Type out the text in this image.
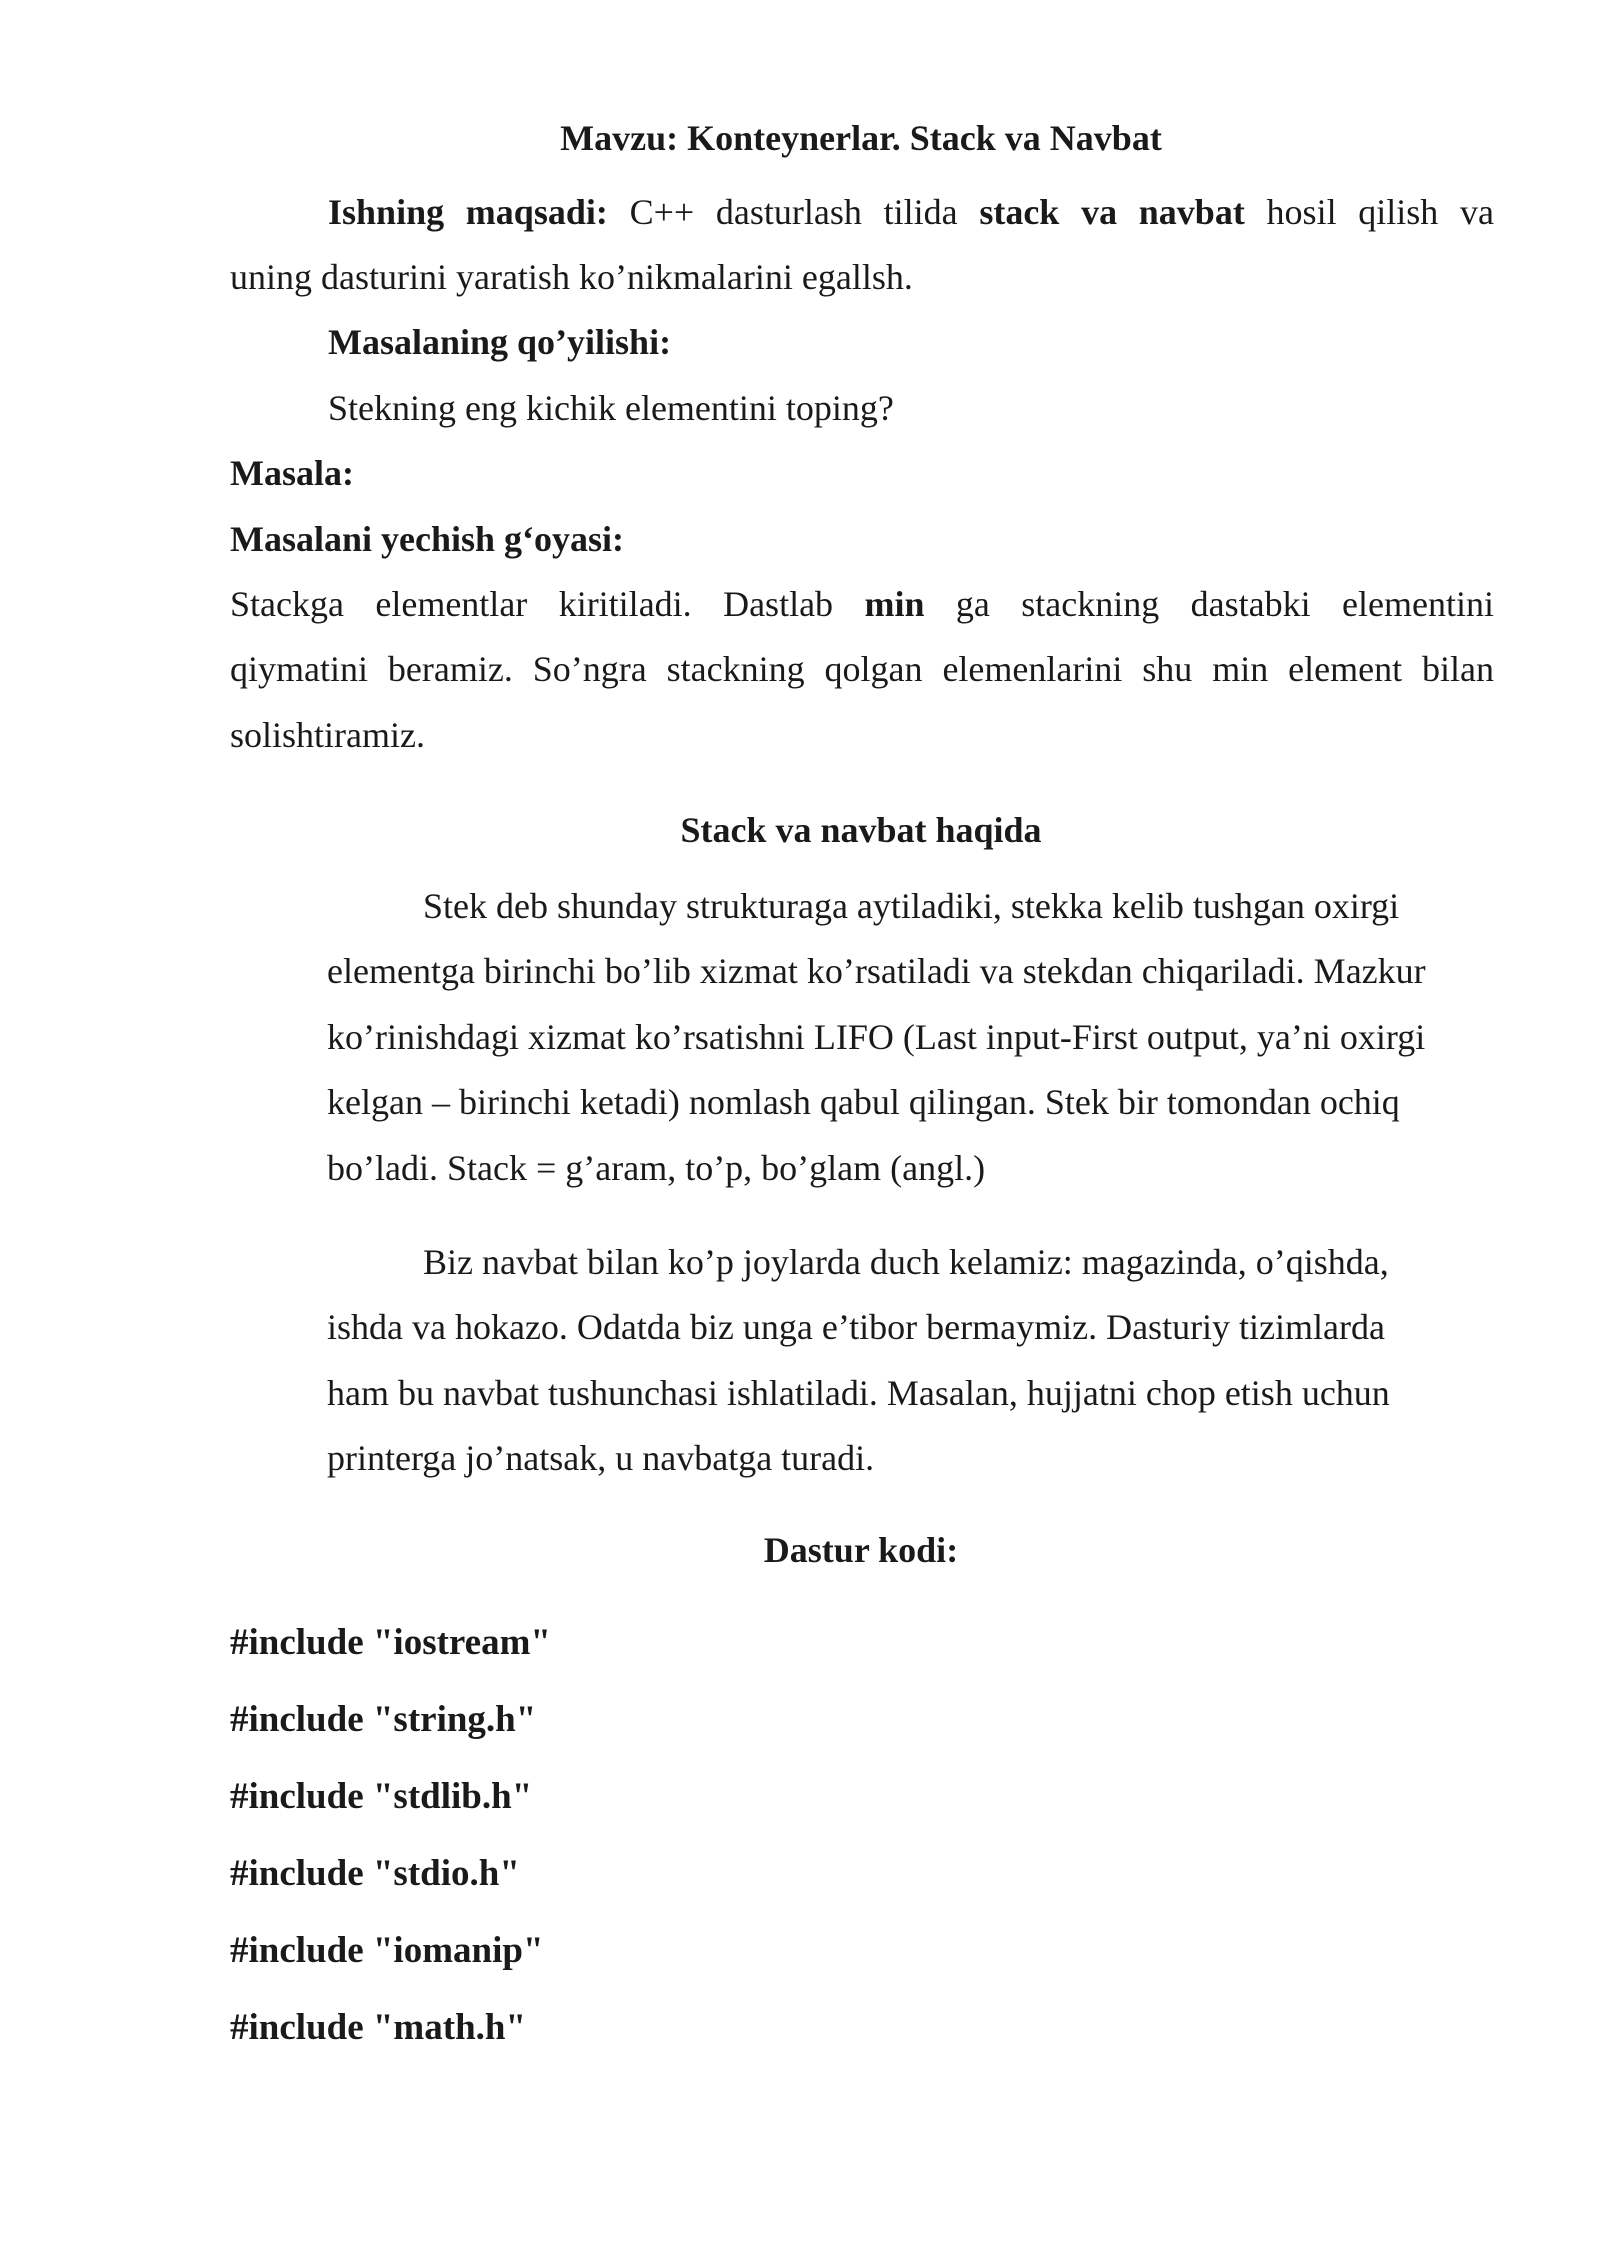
Mavzu: Konteynerlar. Stack va Navbat
Ishning maqsadi: C++ dasturlash tilida stack va navbat hosil qilish va
uning dasturini yaratish ko’nikmalarini egallsh.
Masalaning qo’yilishi:
Stekning eng kichik elementini toping?
Masala:
Masalani yechish g‘oyasi:
Stackga elementlar kiritiladi. Dastlab min ga stackning dastabki elementini
qiymatini beramiz. So’ngra stackning qolgan elemenlarini shu min element bilan
solishtiramiz.
Stack va navbat haqida
Stek deb shunday strukturaga aytiladiki, stekka kelib tushgan oxirgi
elementga birinchi bo’lib xizmat ko’rsatiladi va stekdan chiqariladi. Mazkur
ko’rinishdagi xizmat ko’rsatishni LIFO (Last input-First output, ya’ni oxirgi
kelgan – birinchi ketadi) nomlash qabul qilingan. Stek bir tomondan ochiq
bo’ladi. Stack = g’aram, to’p, bo’glam (angl.)
Biz navbat bilan ko’p joylarda duch kelamiz: magazinda, o’qishda,
ishda va hokazo. Odatda biz unga e’tibor bermaymiz. Dasturiy tizimlarda
ham bu navbat tushunchasi ishlatiladi. Masalan, hujjatni chop etish uchun
printerga jo’natsak, u navbatga turadi.
Dastur kodi:
#include "iostream"
#include "string.h"
#include "stdlib.h"
#include "stdio.h"
#include "iomanip"
#include "math.h"
